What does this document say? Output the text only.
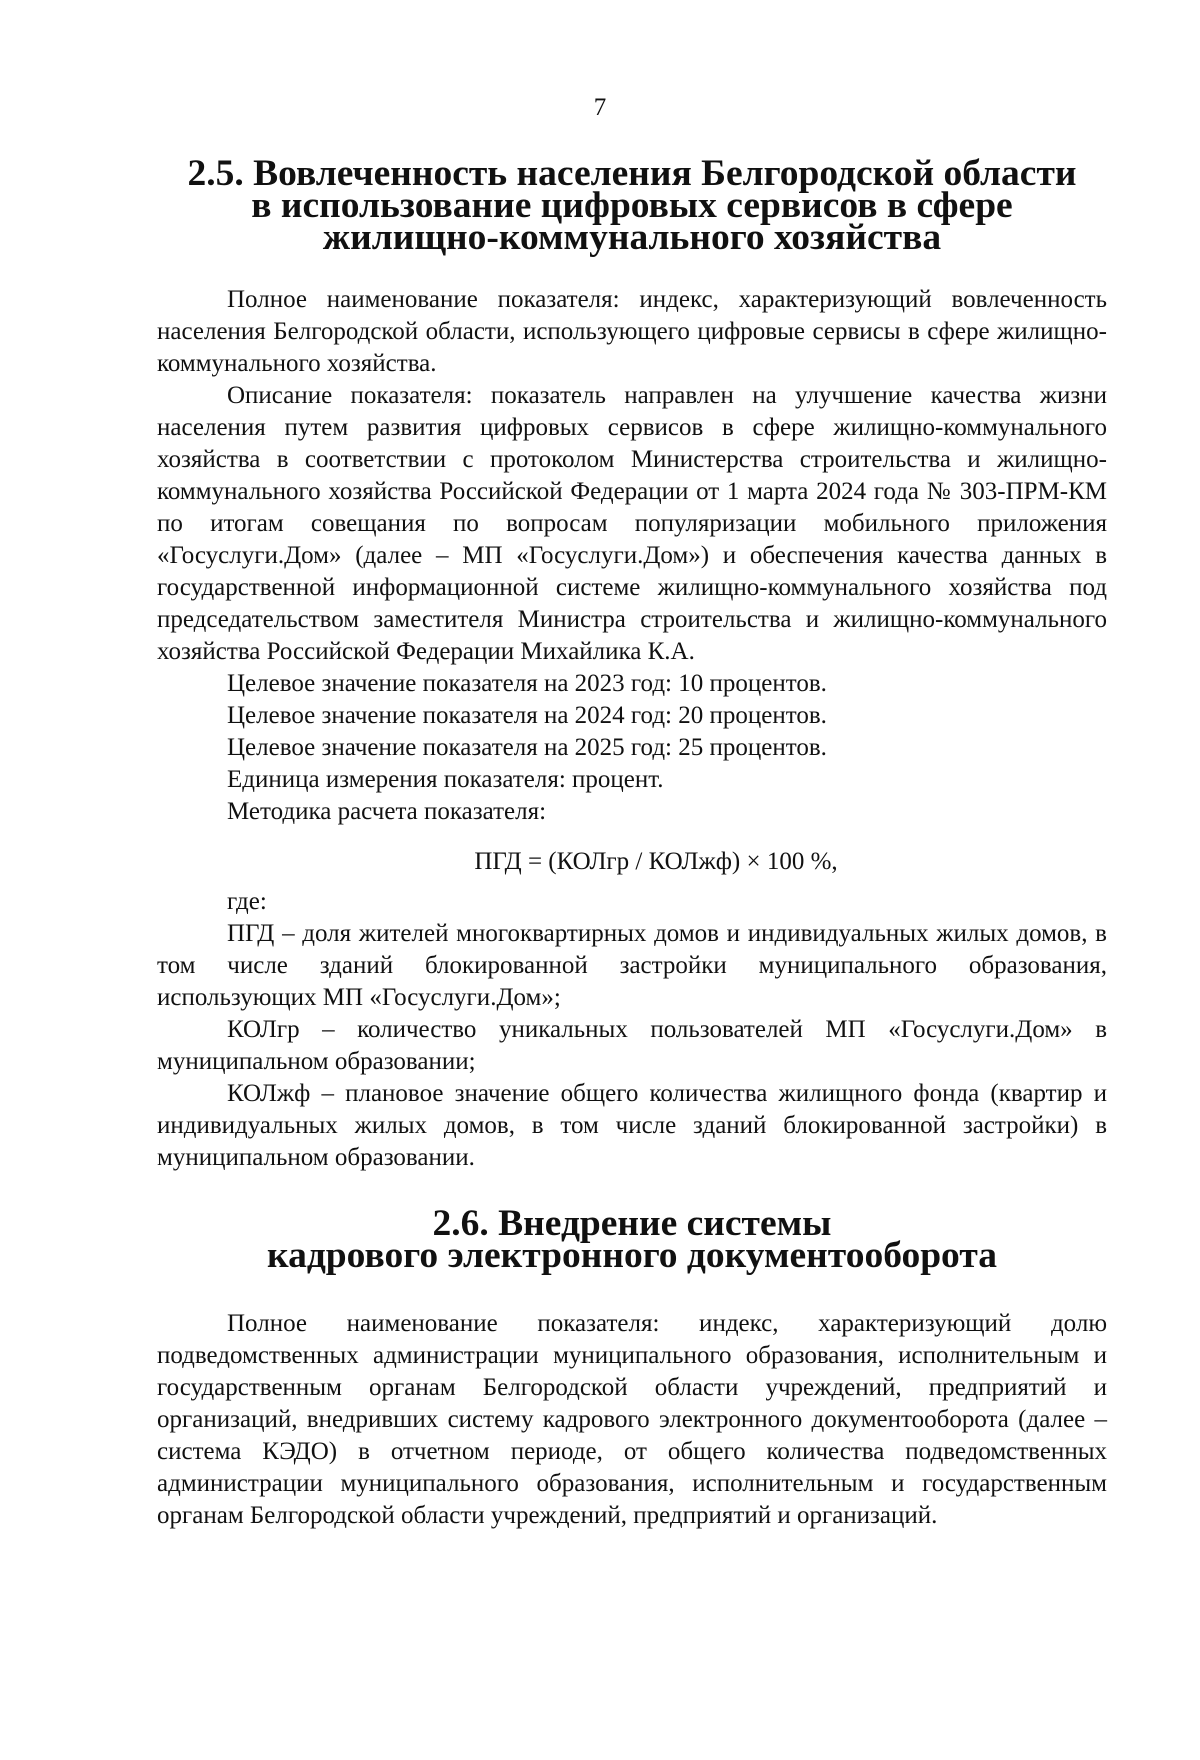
7
2.5. Вовлеченность населения Белгородской области
в использование цифровых сервисов в сфере
жилищно-коммунального хозяйства

Полное наименование показателя: индекс, характеризующий вовлеченность населения Белгородской области, использующего цифровые сервисы в сфере жилищно-коммунального хозяйства.

Описание показателя: показатель направлен на улучшение качества жизни населения путем развития цифровых сервисов в сфере жилищно-коммунального хозяйства в соответствии с протоколом Министерства строительства и жилищно-коммунального хозяйства Российской Федерации от 1 марта 2024 года № 303-ПРМ-КМ по итогам совещания по вопросам популяризации мобильного приложения «Госуслуги.Дом» (далее – МП «Госуслуги.Дом») и обеспечения качества данных в государственной информационной системе жилищно-коммунального хозяйства под председательством заместителя Министра строительства и жилищно-коммунального хозяйства Российской Федерации Михайлика К.А.

Целевое значение показателя на 2023 год: 10 процентов.

Целевое значение показателя на 2024 год: 20 процентов.

Целевое значение показателя на 2025 год: 25 процентов.

Единица измерения показателя: процент.

Методика расчета показателя:

ПГД = (КОЛгр / КОЛжф) × 100 %,

где:

ПГД – доля жителей многоквартирных домов и индивидуальных жилых домов, в том числе зданий блокированной застройки муниципального образования, использующих МП «Госуслуги.Дом»;

КОЛгр – количество уникальных пользователей МП «Госуслуги.Дом» в муниципальном образовании;

КОЛжф – плановое значение общего количества жилищного фонда (квартир и индивидуальных жилых домов, в том числе зданий блокированной застройки) в муниципальном образовании.

2.6. Внедрение системы
кадрового электронного документооборота

Полное наименование показателя: индекс, характеризующий долю подведомственных администрации муниципального образования, исполнительным и государственным органам Белгородской области учреждений, предприятий и организаций, внедривших систему кадрового электронного документооборота (далее – система КЭДО) в отчетном периоде, от общего количества подведомственных администрации муниципального образования, исполнительным и государственным органам Белгородской области учреждений, предприятий и организаций.
